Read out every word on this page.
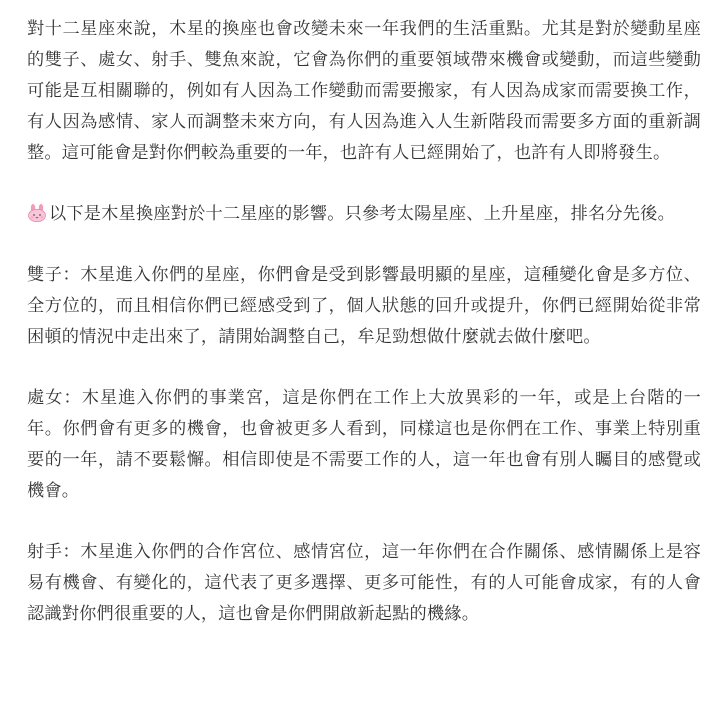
對十二星座來說，木星的換座也會改變未來一年我們的生活重點。尤其是對於變動星座的雙子、處女、射手、雙魚來說，它會為你們的重要領域帶來機會或變動，而這些變動可能是互相關聯的，例如有人因為工作變動而需要搬家，有人因為成家而需要換工作，有人因為感情、家人而調整未來方向，有人因為進入人生新階段而需要多方面的重新調整。這可能會是對你們較為重要的一年，也許有人已經開始了，也許有人即將發生。

以下是木星換座對於十二星座的影響。只參考太陽星座、上升星座，排名分先後。

雙子：木星進入你們的星座，你們會是受到影響最明顯的星座，這種變化會是多方位、全方位的，而且相信你們已經感受到了，個人狀態的回升或提升，你們已經開始從非常困頓的情況中走出來了，請開始調整自己，牟足勁想做什麼就去做什麼吧。

處女：木星進入你們的事業宮，這是你們在工作上大放異彩的一年，或是上台階的一年。你們會有更多的機會，也會被更多人看到，同樣這也是你們在工作、事業上特別重要的一年，請不要鬆懈。相信即使是不需要工作的人，這一年也會有別人矚目的感覺或機會。

射手：木星進入你們的合作宮位、感情宮位，這一年你們在合作關係、感情關係上是容易有機會、有變化的，這代表了更多選擇、更多可能性，有的人可能會成家，有的人會認識對你們很重要的人，這也會是你們開啟新起點的機緣。
